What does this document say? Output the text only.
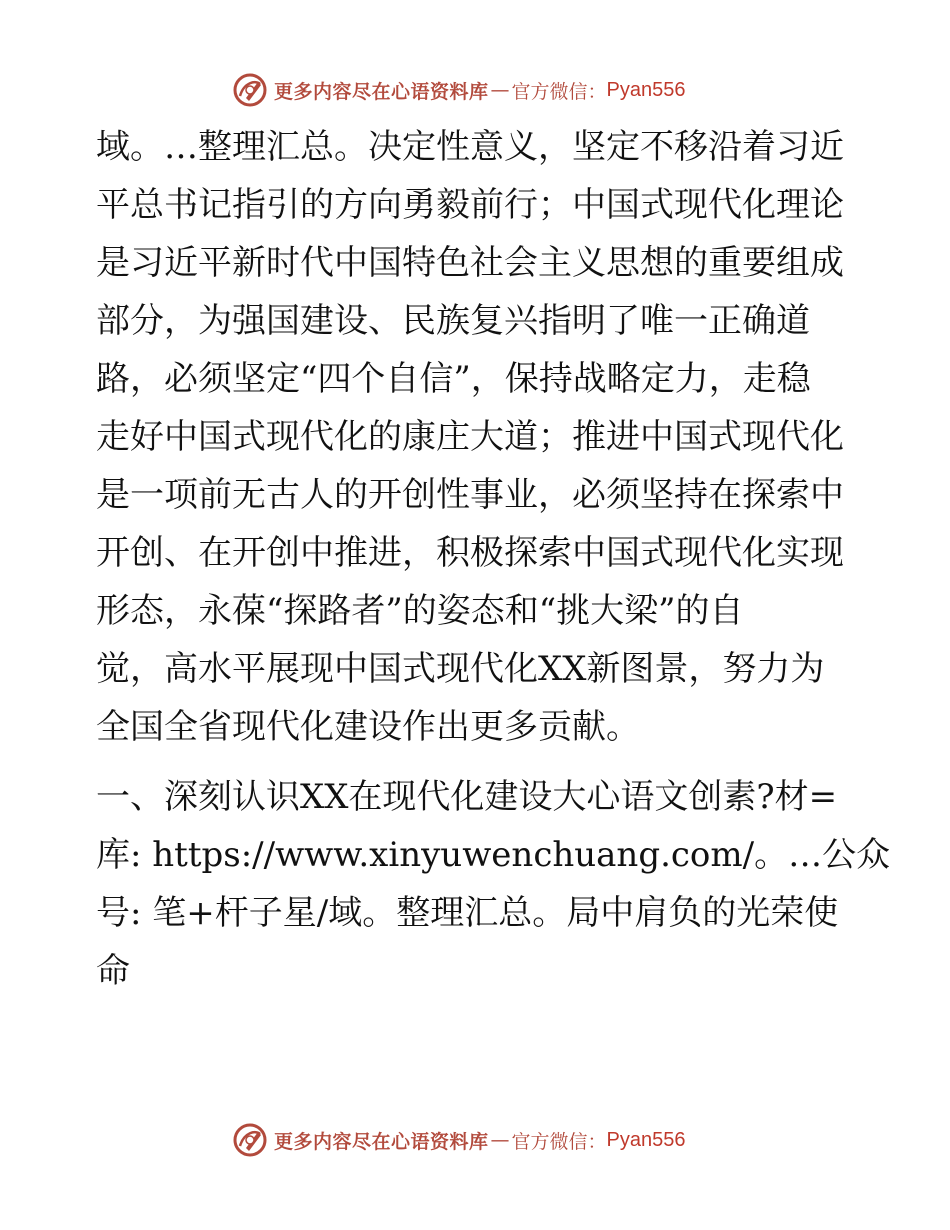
更多内容尽在心语资料库 — 官方微信： Pyan556
域。…整理汇总。决定性意义，坚定不移沿着习近
平总书记指引的方向勇毅前行；中国式现代化理论
是习近平新时代中国特色社会主义思想的重要组成
部分，为强国建设、民族复兴指明了唯一正确道
路，必须坚定“四个自信”，保持战略定力，走稳
走好中国式现代化的康庄大道；推进中国式现代化
是一项前无古人的开创性事业，必须坚持在探索中
开创、在开创中推进，积极探索中国式现代化实现
形态，永葆“探路者”的姿态和“挑大梁”的自
觉，高水平展现中国式现代化XX新图景，努力为
全国全省现代化建设作出更多贡献。
一、深刻认识XX在现代化建设大心语文创素?材=
库: https://www.xinyuwenchuang.com/。…公众
号: 笔+杆子星/域。整理汇总。局中肩负的光荣使
命
更多内容尽在心语资料库 — 官方微信： Pyan556
